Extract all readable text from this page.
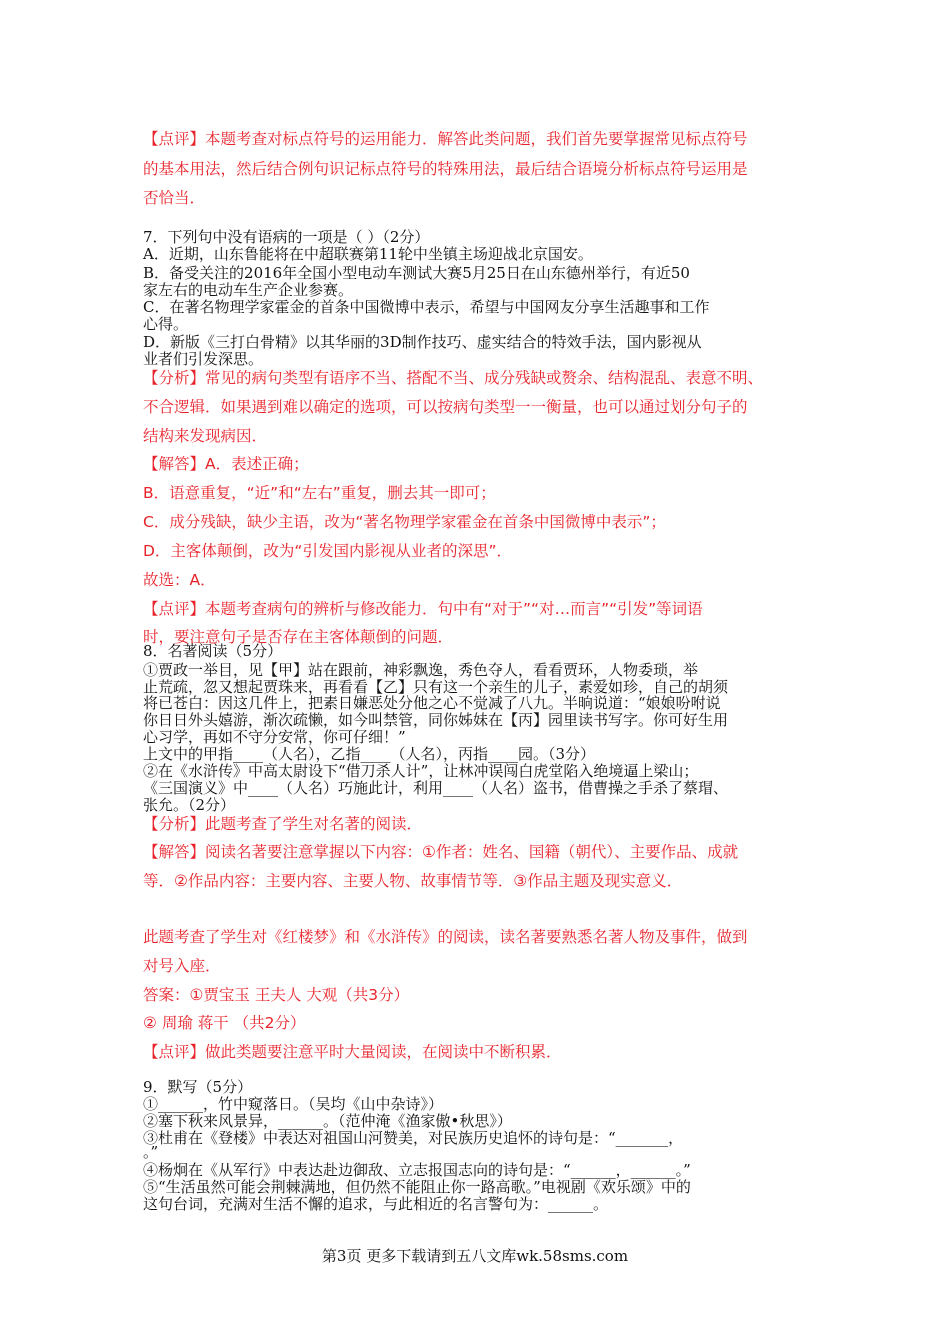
【点评】本题考查对标点符号的运用能力．解答此类问题，我们首先要掌握常见标点符号

的基本用法，然后结合例句识记标点符号的特殊用法，最后结合语境分析标点符号运用是

否恰当．

7．下列句中没有语病的一项是（ ）（2分）

A．近期，山东鲁能将在中超联赛第11轮中坐镇主场迎战北京国安。

B．备受关注的2016年全国小型电动车测试大赛5月25日在山东德州举行，有近50

家左右的电动车生产企业参赛。

C．在著名物理学家霍金的首条中国微博中表示，希望与中国网友分享生活趣事和工作

心得。

D．新版《三打白骨精》以其华丽的3D制作技巧、虚实结合的特效手法，国内影视从

业者们引发深思。

【分析】常见的病句类型有语序不当、搭配不当、成分残缺或赘余、结构混乱、表意不明、

不合逻辑．如果遇到难以确定的选项，可以按病句类型一一衡量，也可以通过划分句子的

结构来发现病因．

【解答】A．表述正确；

B．语意重复，“近”和“左右”重复，删去其一即可；

C．成分残缺，缺少主语，改为“著名物理学家霍金在首条中国微博中表示”；

D．主客体颠倒，改为“引发国内影视从业者的深思”．

故选：A．

【点评】本题考查病句的辨析与修改能力．句中有“对于”“对…而言”“引发”等词语

时，要注意句子是否存在主客体颠倒的问题．

8．名著阅读（5分）

①贾政一举目，见【甲】站在跟前，神彩飘逸，秀色夺人，看看贾环，人物委琐，举

止荒疏，忽又想起贾珠来，再看看【乙】只有这一个亲生的儿子，素爱如珍，自己的胡须

将已苍白：因这几件上，把素日嫌恶处分他之心不觉减了八九。半晌说道：“娘娘吩咐说

你日日外头嬉游，渐次疏懒，如今叫禁管，同你姊妹在【丙】园里读书写字。你可好生用

心习学，再如不守分安常，你可仔细！”

上文中的甲指____（人名），乙指____（人名），丙指____园。（3分）

②在《水浒传》中高太尉设下“借刀杀人计”，让林冲误闯白虎堂陷入绝境逼上梁山；

《三国演义》中____（人名）巧施此计，利用____（人名）盗书，借曹操之手杀了蔡瑁、

张允。（2分）

【分析】此题考查了学生对名著的阅读．

【解答】阅读名著要注意掌握以下内容：①作者：姓名、国籍（朝代）、主要作品、成就

等．②作品内容：主要内容、主要人物、故事情节等．③作品主题及现实意义．

此题考查了学生对《红楼梦》和《水浒传》的阅读，读名著要熟悉名著人物及事件，做到

对号入座．

答案：①贾宝玉 王夫人 大观（共3分）

② 周瑜 蒋干 （共2分）

【点评】做此类题要注意平时大量阅读，在阅读中不断积累．

9．默写（5分）

①______，竹中窥落日。（吴均《山中杂诗》）

②塞下秋来风景异，______。（范仲淹《渔家傲•秋思》）

③杜甫在《登楼》中表达对祖国山河赞美，对民族历史追怀的诗句是：“_______，

。”

④杨炯在《从军行》中表达赴边御敌、立志报国志向的诗句是：“______，______。”

⑤“生活虽然可能会荆棘满地，但仍然不能阻止你一路高歌。”电视剧《欢乐颂》中的

这句台词，充满对生活不懈的追求，与此相近的名言警句为：______。

第3页 更多下载请到五八文库wk.58sms.com
